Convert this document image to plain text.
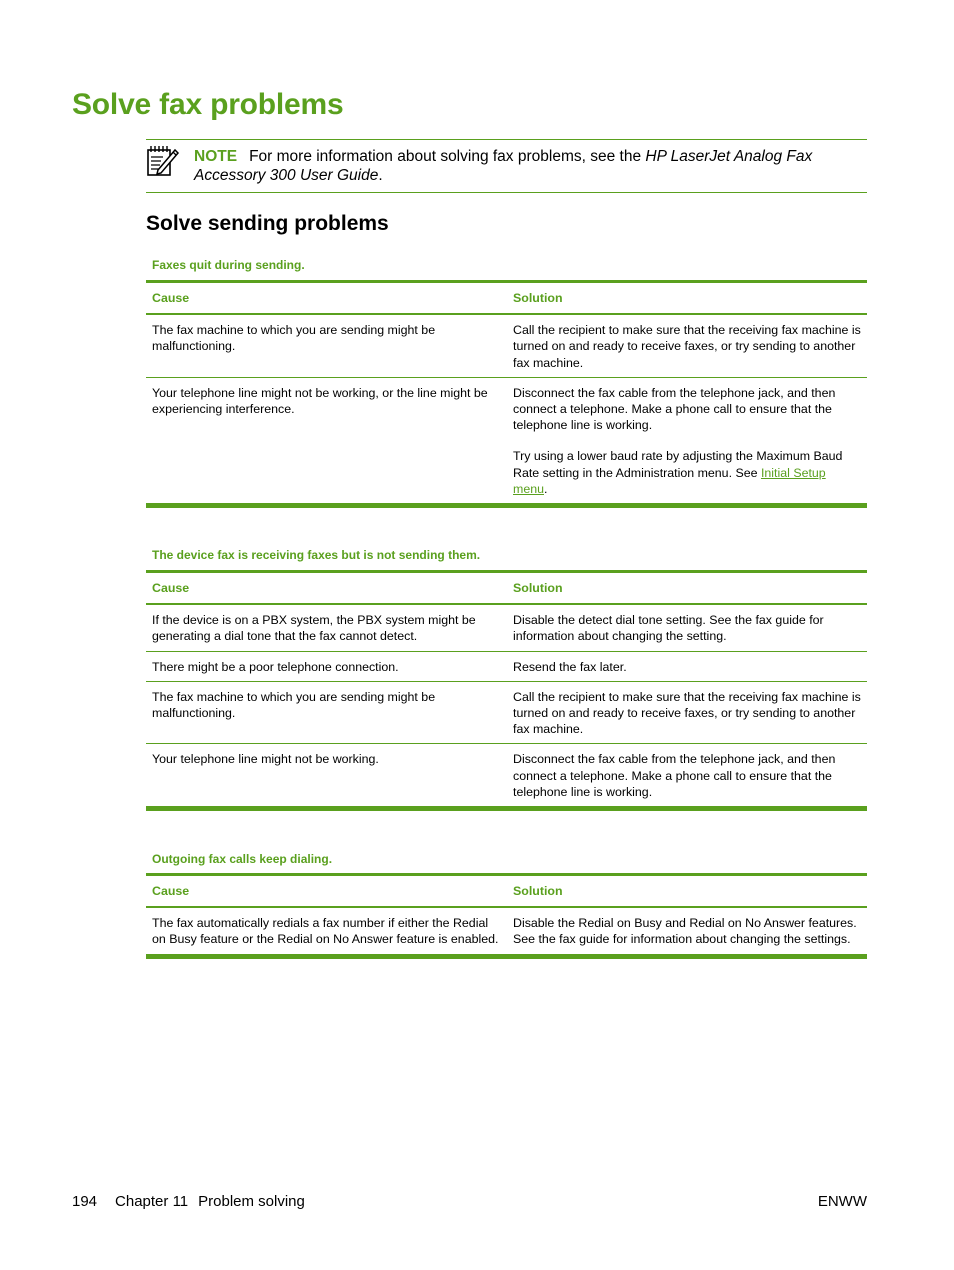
Solve fax problems
NOTE For more information about solving fax problems, see the HP LaserJet Analog Fax Accessory 300 User Guide.
Solve sending problems
Faxes quit during sending.
Cause	Solution
The fax machine to which you are sending might be malfunctioning.	Call the recipient to make sure that the receiving fax machine is turned on and ready to receive faxes, or try sending to another fax machine.
Your telephone line might not be working, or the line might be experiencing interference.	Disconnect the fax cable from the telephone jack, and then connect a telephone. Make a phone call to ensure that the telephone line is working.

Try using a lower baud rate by adjusting the Maximum Baud Rate setting in the Administration menu. See Initial Setup menu.

The device fax is receiving faxes but is not sending them.
Cause	Solution
If the device is on a PBX system, the PBX system might be generating a dial tone that the fax cannot detect.	Disable the detect dial tone setting. See the fax guide for information about changing the setting.
There might be a poor telephone connection.	Resend the fax later.
The fax machine to which you are sending might be malfunctioning.	Call the recipient to make sure that the receiving fax machine is turned on and ready to receive faxes, or try sending to another fax machine.
Your telephone line might not be working.	Disconnect the fax cable from the telephone jack, and then connect a telephone. Make a phone call to ensure that the telephone line is working.
Outgoing fax calls keep dialing.
Cause	Solution
The fax automatically redials a fax number if either the Redial on Busy feature or the Redial on No Answer feature is enabled.	Disable the Redial on Busy and Redial on No Answer features. See the fax guide for information about changing the settings.
194 Chapter 11 Problem solving	ENWW
